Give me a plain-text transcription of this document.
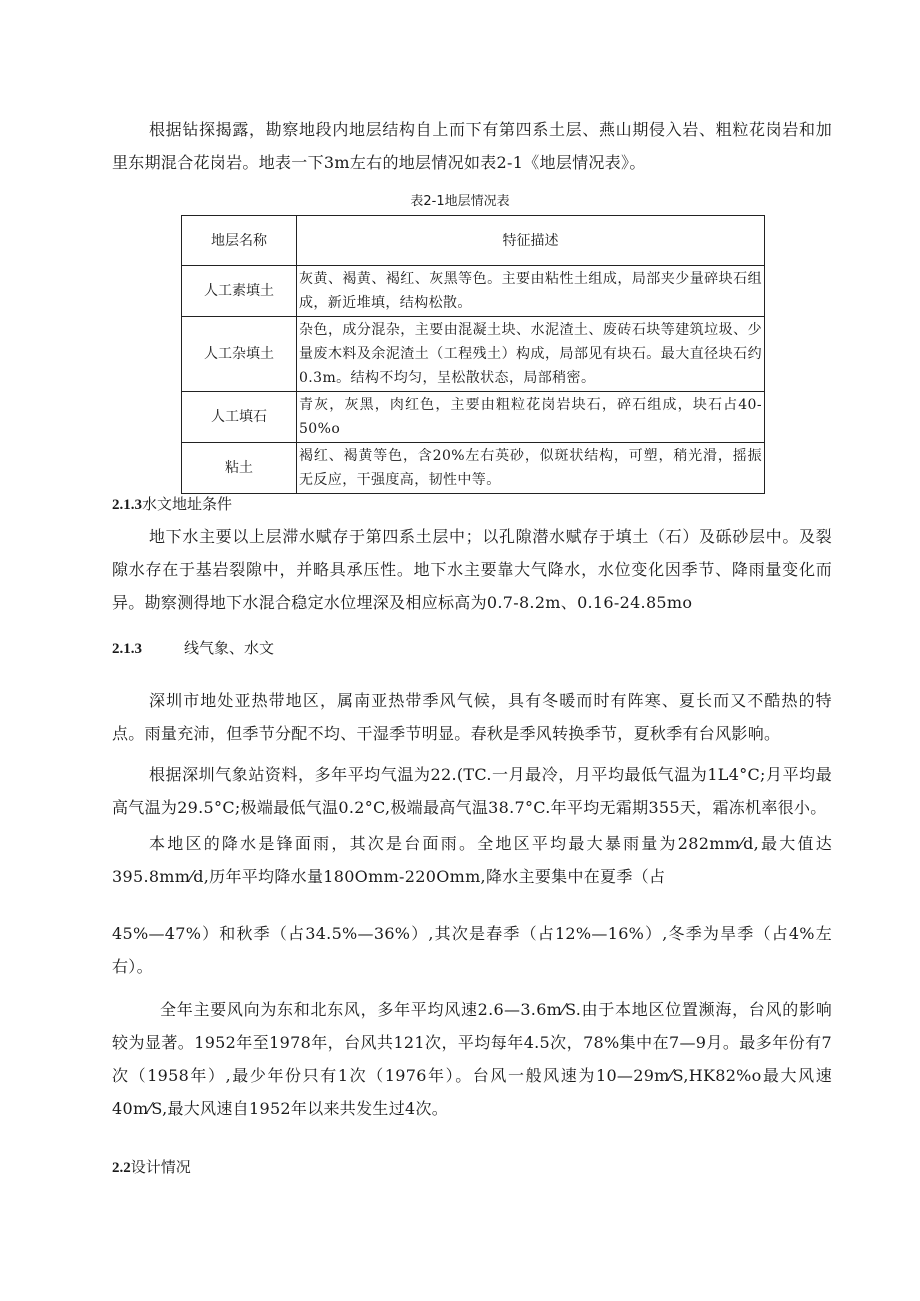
根据钻探揭露，勘察地段内地层结构自上而下有第四系土层、燕山期侵入岩、粗粒花岗岩和加里东期混合花岗岩。地表一下3m左右的地层情况如表2-1《地层情况表》。

表2-1地层情况表
地层名称	特征描述
人工素填土	灰黄、褐黄、褐红、灰黑等色。主要由粘性土组成，局部夹少量碎块石组成，新近堆填，结构松散。
人工杂填土	杂色，成分混杂，主要由混凝土块、水泥渣土、废砖石块等建筑垃圾、少量废木料及余泥渣土（工程残土）构成，局部见有块石。最大直径块石约0.3m。结构不均匀，呈松散状态，局部稍密。
人工填石	青灰，灰黑，肉红色，主要由粗粒花岗岩块石，碎石组成，块石占40-50%o
粘土	褐红、褐黄等色，含20%左右英砂，似斑状结构，可塑，稍光滑，摇振无反应，干强度高，韧性中等。
2.1.3水文地址条件

地下水主要以上层滞水赋存于第四系土层中；以孔隙潜水赋存于填土（石）及砾砂层中。及裂隙水存在于基岩裂隙中，并略具承压性。地下水主要靠大气降水，水位变化因季节、降雨量变化而异。勘察测得地下水混合稳定水位埋深及相应标高为0.7-8.2m、0.16-24.85mo

2.1.3	线气象、水文

深圳市地处亚热带地区，属南亚热带季风气候，具有冬暖而时有阵寒、夏长而又不酷热的特点。雨量充沛，但季节分配不均、干湿季节明显。春秋是季风转换季节，夏秋季有台风影响。

根据深圳气象站资料，多年平均气温为22.(TC.一月最冷，月平均最低气温为1L4°C;月平均最高气温为29.5°C;极端最低气温0.2°C,极端最高气温38.7°C.年平均无霜期355天，霜冻机率很小。

本地区的降水是锋面雨，其次是台面雨。全地区平均最大暴雨量为282mm⁄d,最大值达395.8mm⁄d,历年平均降水量180Omm-220Omm,降水主要集中在夏季（占

45%—47%）和秋季（占34.5%—36%）,其次是春季（占12%—16%）,冬季为旱季（占4%左右）。

全年主要风向为东和北东风，多年平均风速2.6—3.6m⁄S.由于本地区位置濒海，台风的影响较为显著。1952年至1978年，台风共121次，平均每年4.5次，78%集中在7—9月。最多年份有7次（1958年）,最少年份只有1次（1976年）。台风一般风速为10—29m⁄S,HK82%o最大风速40m⁄S,最大风速自1952年以来共发生过4次。

2.2设计情况
